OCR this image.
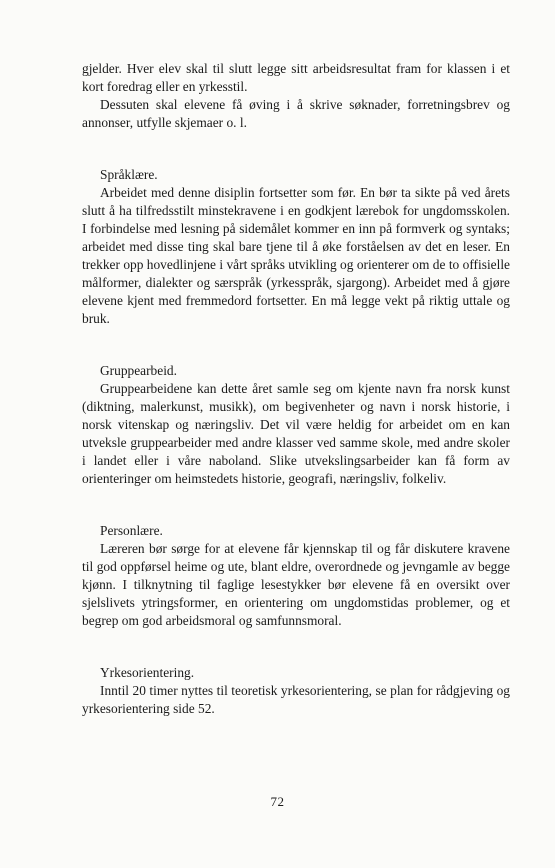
gjelder. Hver elev skal til slutt legge sitt arbeidsresultat fram for klassen i et kort foredrag eller en yrkesstil.

Dessuten skal elevene få øving i å skrive søknader, forretningsbrev og annonser, utfylle skjemaer o. l.

Språklære.

Arbeidet med denne disiplin fortsetter som før. En bør ta sikte på ved årets slutt å ha tilfredsstilt minstekravene i en godkjent lærebok for ungdomsskolen. I forbindelse med lesning på sidemålet kommer en inn på formverk og syntaks; arbeidet med disse ting skal bare tjene til å øke forståelsen av det en leser. En trekker opp hovedlinjene i vårt språks utvikling og orienterer om de to offisielle målformer, dialekter og særspråk (yrkesspråk, sjargong). Arbeidet med å gjøre elevene kjent med fremmedord fortsetter. En må legge vekt på riktig uttale og bruk.

Gruppearbeid.

Gruppearbeidene kan dette året samle seg om kjente navn fra norsk kunst (diktning, malerkunst, musikk), om begivenheter og navn i norsk historie, i norsk vitenskap og næringsliv. Det vil være heldig for arbeidet om en kan utveksle gruppearbeider med andre klasser ved samme skole, med andre skoler i landet eller i våre naboland. Slike utvekslingsarbeider kan få form av orienteringer om heimstedets historie, geografi, næringsliv, folkeliv.

Personlære.

Læreren bør sørge for at elevene får kjennskap til og får diskutere kravene til god oppførsel heime og ute, blant eldre, overordnede og jevngamle av begge kjønn. I tilknytning til faglige lesestykker bør elevene få en oversikt over sjelslivets ytringsformer, en orientering om ungdomstidas problemer, og et begrep om god arbeidsmoral og samfunnsmoral.

Yrkesorientering.

Inntil 20 timer nyttes til teoretisk yrkesorientering, se plan for rådgjeving og yrkesorientering side 52.

72
